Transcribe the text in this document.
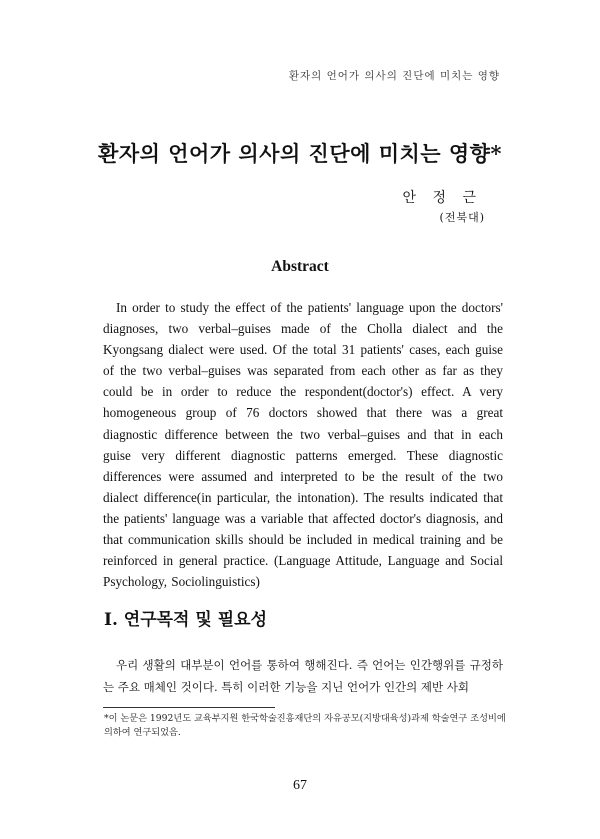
환자의 언어가 의사의 진단에 미치는 영향
환자의 언어가 의사의 진단에 미치는 영향*
안 정 근
(전북대)
Abstract

In order to study the effect of the patients' language upon the doctors' diagnoses, two verbal–guises made of the Cholla dialect and the Kyongsang dialect were used. Of the total 31 patients' cases, each guise of the two verbal–guises was separated from each other as far as they could be in order to reduce the respondent(doctor's) effect. A very homogeneous group of 76 doctors showed that there was a great diagnostic difference between the two verbal–guises and that in each guise very different diagnostic patterns emerged. These diagnostic differences were assumed and interpreted to be the result of the two dialect difference(in particular, the intonation). The results indicated that the patients' language was a variable that affected doctor's diagnosis, and that communication skills should be included in medical training and be reinforced in general practice. (Language Attitude, Language and Social Psychology, Sociolinguistics)

I. 연구목적 및 필요성

우리 생활의 대부분이 언어를 통하여 행해진다. 즉 언어는 인간행위를 규정하는 주요 매체인 것이다. 특히 이러한 기능을 지닌 언어가 인간의 제반 사회

*이 논문은 1992년도 교육부지원 한국학술진흥재단의 자유공모(지방대육성)과제 학술연구 조성비에 의하여 연구되었음.
67
